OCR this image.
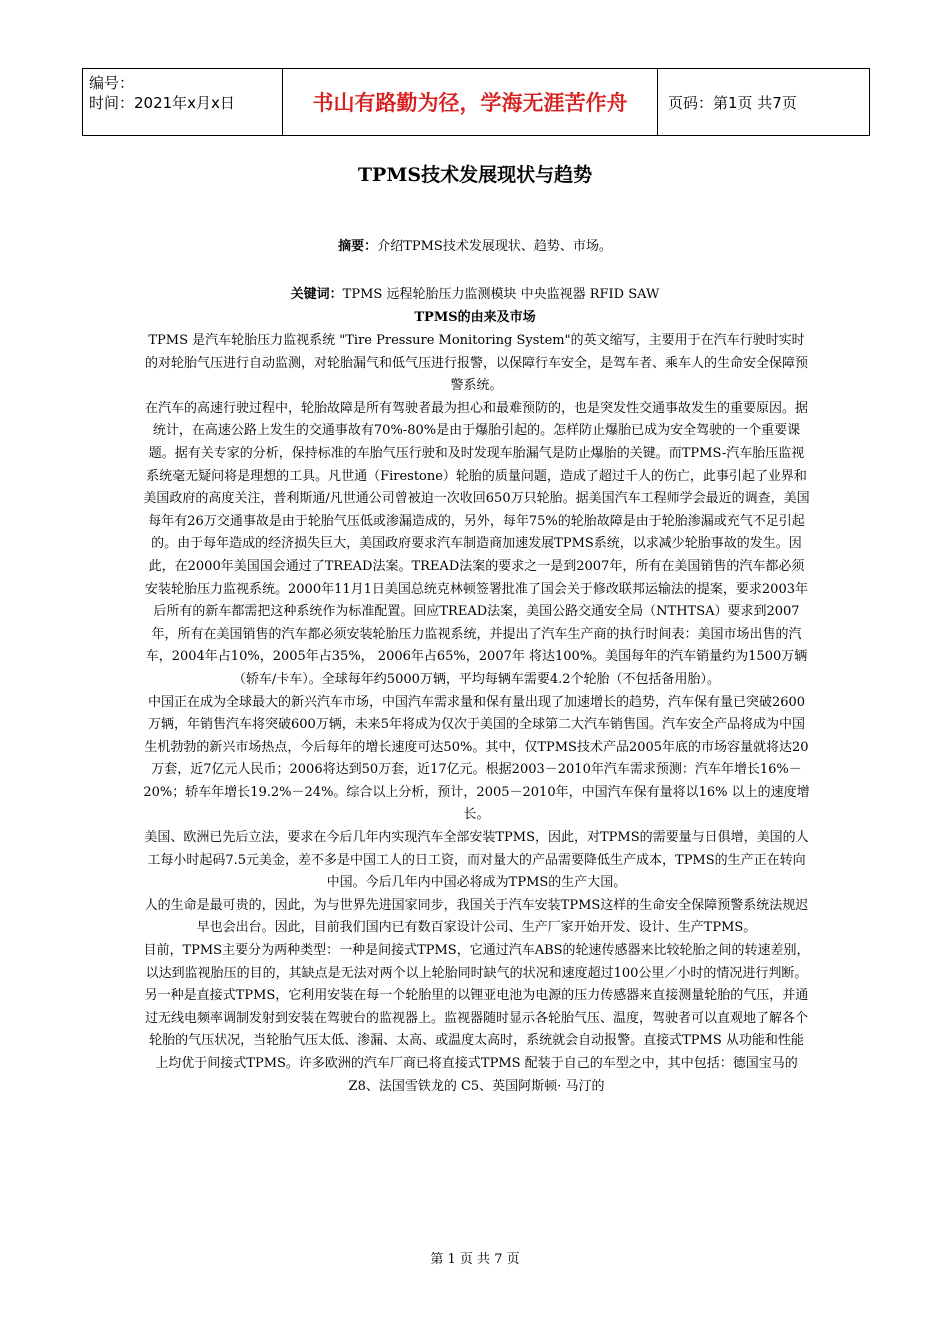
编号：
时间：2021年x月x日	书山有路勤为径，学海无涯苦作舟	页码：第1页 共7页
TPMS技术发展现状与趋势
摘要：介绍TPMS技术发展现状、趋势、市场。
关键词：TPMS 远程轮胎压力监测模块 中央监视器 RFID SAW
TPMS的由来及市场

TPMS 是汽车轮胎压力监视系统 "Tire Pressure Monitoring System"的英文缩写，主要用于在汽车行驶时实时的对轮胎气压进行自动监测，对轮胎漏气和低气压进行报警，以保障行车安全，是驾车者、乘车人的生命安全保障预警系统。

在汽车的高速行驶过程中，轮胎故障是所有驾驶者最为担心和最难预防的，也是突发性交通事故发生的重要原因。据统计，在高速公路上发生的交通事故有70%-80%是由于爆胎引起的。怎样防止爆胎已成为安全驾驶的一个重要课题。据有关专家的分析，保持标准的车胎气压行驶和及时发现车胎漏气是防止爆胎的关键。而TPMS-汽车胎压监视系统毫无疑问将是理想的工具。凡世通（Firestone）轮胎的质量问题，造成了超过千人的伤亡，此事引起了业界和美国政府的高度关注，普利斯通/凡世通公司曾被迫一次收回650万只轮胎。据美国汽车工程师学会最近的调查，美国每年有26万交通事故是由于轮胎气压低或渗漏造成的，另外，每年75%的轮胎故障是由于轮胎渗漏或充气不足引起的。由于每年造成的经济损失巨大，美国政府要求汽车制造商加速发展TPMS系统，以求减少轮胎事故的发生。因此，在2000年美国国会通过了TREAD法案。TREAD法案的要求之一是到2007年，所有在美国销售的汽车都必须安装轮胎压力监视系统。2000年11月1日美国总统克林顿签署批准了国会关于修改联邦运输法的提案，要求2003年后所有的新车都需把这种系统作为标准配置。回应TREAD法案，美国公路交通安全局（NTHTSA）要求到2007年，所有在美国销售的汽车都必须安装轮胎压力监视系统，并提出了汽车生产商的执行时间表：美国市场出售的汽车，2004年占10%，2005年占35%， 2006年占65%，2007年 将达100%。美国每年的汽车销量约为1500万辆（轿车/卡车）。全球每年约5000万辆，平均每辆车需要4.2个轮胎（不包括备用胎）。

中国正在成为全球最大的新兴汽车市场，中国汽车需求量和保有量出现了加速增长的趋势，汽车保有量已突破2600万辆，年销售汽车将突破600万辆，未来5年将成为仅次于美国的全球第二大汽车销售国。汽车安全产品将成为中国生机勃勃的新兴市场热点，今后每年的增长速度可达50%。其中，仅TPMS技术产品2005年底的市场容量就将达20万套，近7亿元人民币；2006将达到50万套，近17亿元。根据2003－2010年汽车需求预测：汽车年增长16%－20%；轿车年增长19.2%－24%。综合以上分析，预计，2005－2010年，中国汽车保有量将以16% 以上的速度增长。

美国、欧洲已先后立法，要求在今后几年内实现汽车全部安装TPMS，因此，对TPMS的需要量与日俱增，美国的人工每小时起码7.5元美金，差不多是中国工人的日工资，而对量大的产品需要降低生产成本，TPMS的生产正在转向中国。今后几年内中国必将成为TPMS的生产大国。

人的生命是最可贵的，因此，为与世界先进国家同步，我国关于汽车安装TPMS这样的生命安全保障预警系统法规迟早也会出台。因此，目前我们国内已有数百家设计公司、生产厂家开始开发、设计、生产TPMS。

目前，TPMS主要分为两种类型：一种是间接式TPMS，它通过汽车ABS的轮速传感器来比较轮胎之间的转速差别，以达到监视胎压的目的，其缺点是无法对两个以上轮胎同时缺气的状况和速度超过100公里／小时的情况进行判断。另一种是直接式TPMS，它利用安装在每一个轮胎里的以锂亚电池为电源的压力传感器来直接测量轮胎的气压，并通过无线电频率调制发射到安装在驾驶台的监视器上。监视器随时显示各轮胎气压、温度，驾驶者可以直观地了解各个轮胎的气压状况，当轮胎气压太低、渗漏、太高、或温度太高时，系统就会自动报警。直接式TPMS 从功能和性能上均优于间接式TPMS。许多欧洲的汽车厂商已将直接式TPMS 配装于自己的车型之中，其中包括：德国宝马的 Z8、法国雪铁龙的 C5、英国阿斯顿· 马汀的

第 1 页 共 7 页
